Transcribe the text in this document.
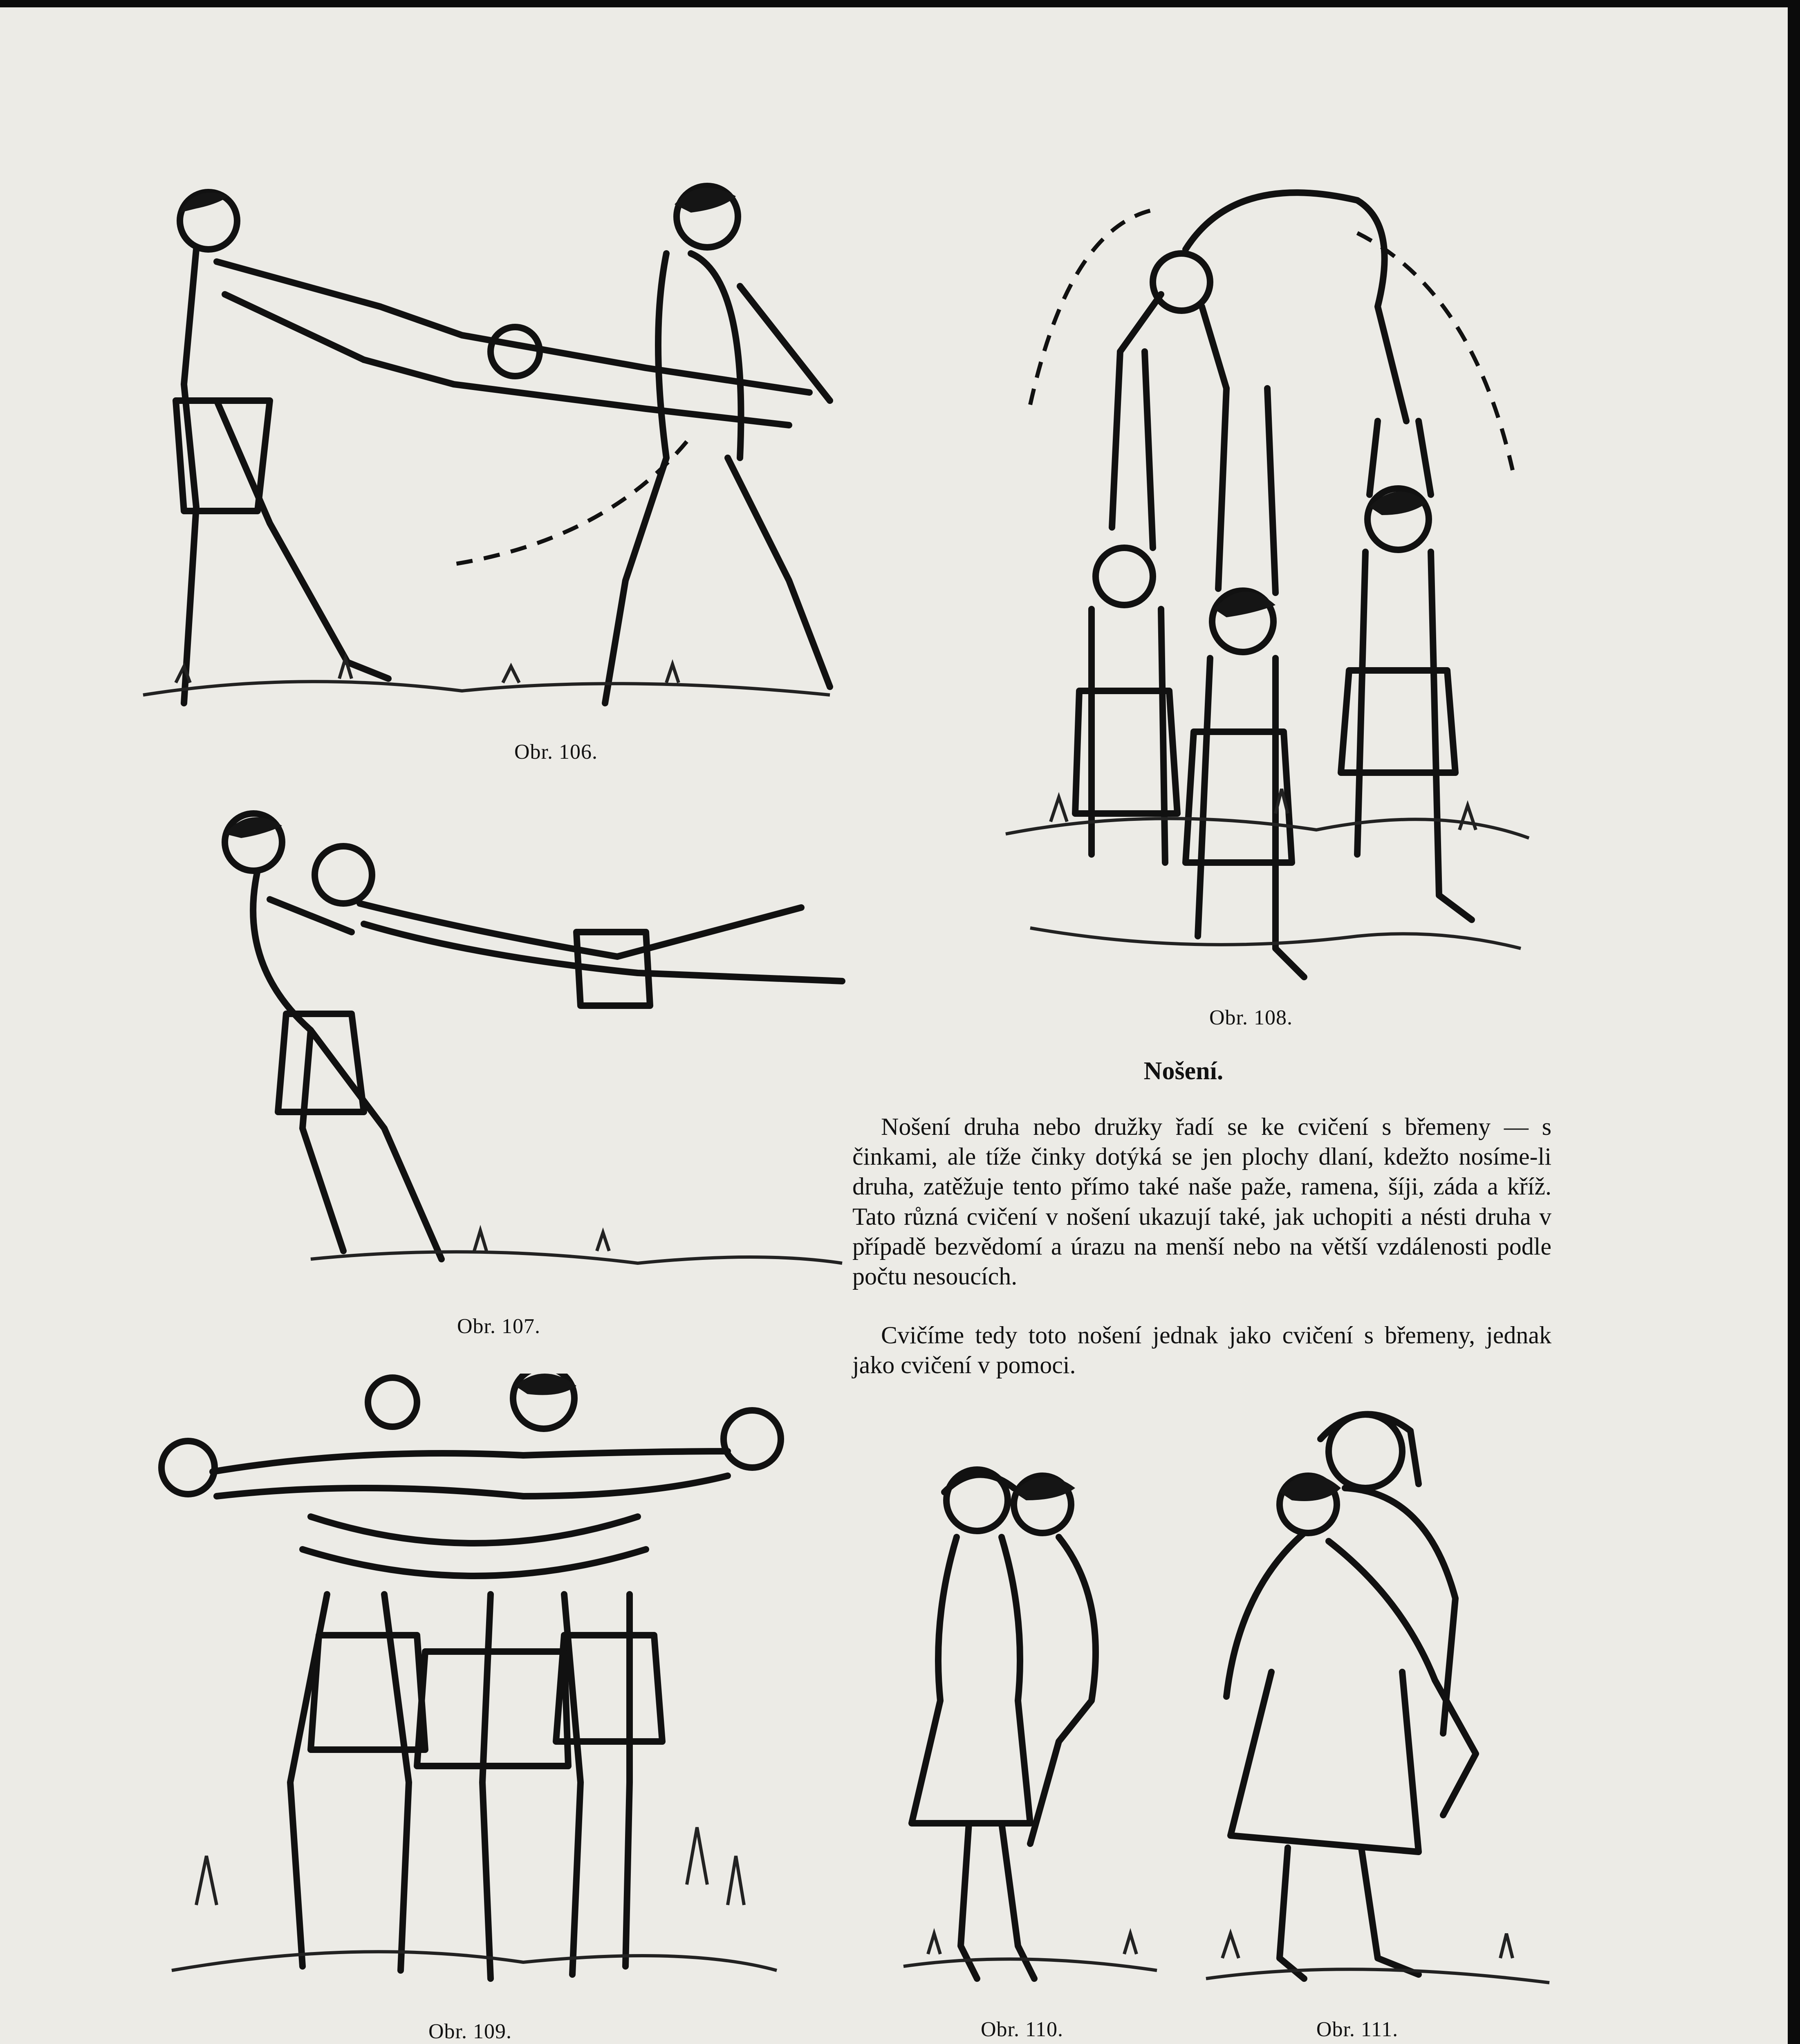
Obr. 106.
Obr. 108.
Obr. 107.
Obr. 109.	Obr. 110.	Obr. 111.
Nošení.

Nošení druha nebo družky řadí se ke cvičení s břemeny — s činkami, ale tíže činky dotýká se jen plochy dlaní, kdežto nosíme-li druha, zatěžuje tento přímo také naše paže, ramena, šíji, záda a kříž. Tato různá cvičení v nošení ukazují také, jak uchopiti a nésti druha v případě bezvědomí a úrazu na menší nebo na větší vzdálenosti podle počtu nesoucích.

Cvičíme tedy toto nošení jednak jako cvičení s břemeny, jednak jako cvičení v pomoci.
